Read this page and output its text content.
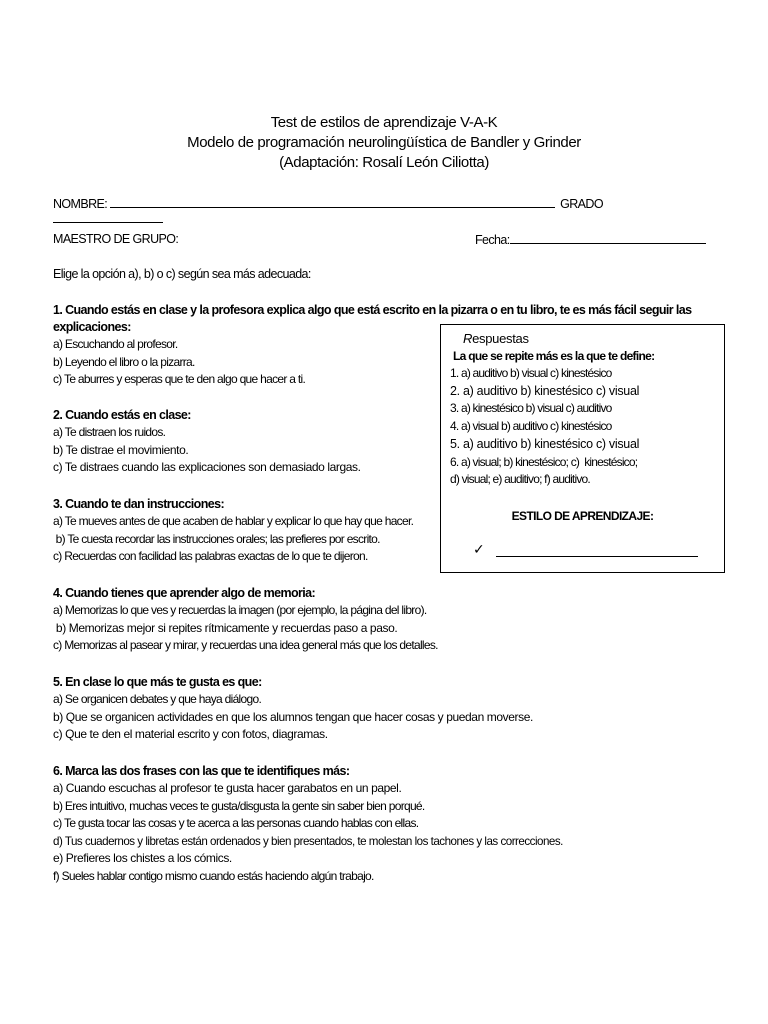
Test de estilos de aprendizaje V-A-K
Modelo de programación neurolingüística de Bandler y Grinder
(Adaptación: Rosalí León Ciliotta)
NOMBRE:	GRADO
MAESTRO DE GRUPO:	Fecha:
Elige la opción a), b) o c) según sea más adecuada:
1. Cuando estás en clase y la profesora explica algo que está escrito en la pizarra o en tu libro, te es más fácil seguir las
explicaciones:
a) Escuchando al profesor.
b) Leyendo el libro o la pizarra.
c) Te aburres y esperas que te den algo que hacer a ti.
2. Cuando estás en clase:
a) Te distraen los ruidos.
b) Te distrae el movimiento.
c) Te distraes cuando las explicaciones son demasiado largas.
3. Cuando te dan instrucciones:
a) Te mueves antes de que acaben de hablar y explicar lo que hay que hacer.
b) Te cuesta recordar las instrucciones orales; las prefieres por escrito.
c) Recuerdas con facilidad las palabras exactas de lo que te dijeron.
4. Cuando tienes que aprender algo de memoria:
a) Memorizas lo que ves y recuerdas la imagen (por ejemplo, la página del libro).
b) Memorizas mejor si repites rítmicamente y recuerdas paso a paso.
c) Memorizas al pasear y mirar, y recuerdas una idea general más que los detalles.
5. En clase lo que más te gusta es que:
a) Se organicen debates y que haya diálogo.
b) Que se organicen actividades en que los alumnos tengan que hacer cosas y puedan moverse.
c) Que te den el material escrito y con fotos, diagramas.
6. Marca las dos frases con las que te identifiques más:
a) Cuando escuchas al profesor te gusta hacer garabatos en un papel.
b) Eres intuitivo, muchas veces te gusta/disgusta la gente sin saber bien porqué.
c) Te gusta tocar las cosas y te acerca a las personas cuando hablas con ellas.
d) Tus cuadernos y libretas están ordenados y bien presentados, te molestan los tachones y las correcciones.
e) Prefieres los chistes a los cómics.
f) Sueles hablar contigo mismo cuando estás haciendo algún trabajo.
Respuestas
La que se repite más es la que te define:
1. a) auditivo b) visual c) kinestésico
2. a) auditivo b) kinestésico c) visual
3. a) kinestésico b) visual c) auditivo
4. a) visual b) auditivo c) kinestésico
5. a) auditivo b) kinestésico c) visual
6. a) visual; b) kinestésico; c)  kinestésico;
d) visual; e) auditivo; f) auditivo.
ESTILO DE APRENDIZAJE:
✓
